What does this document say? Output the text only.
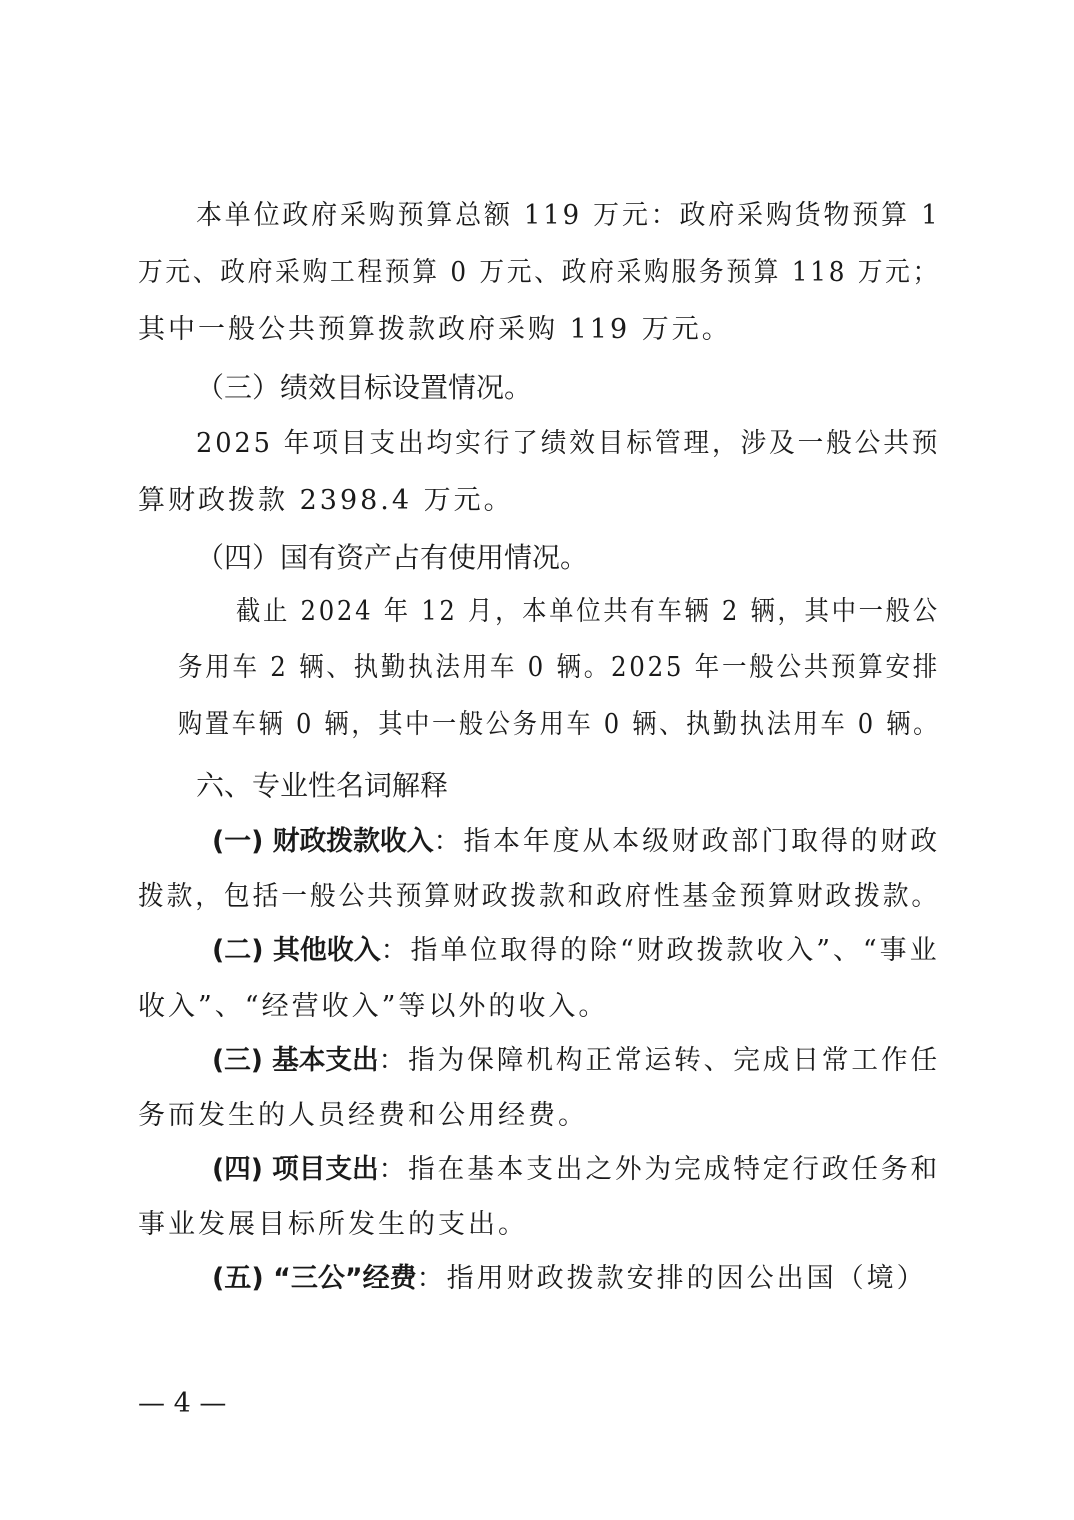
本单位政府采购预算总额 119 万元：政府采购货物预算 1
万元、政府采购工程预算 0 万元、政府采购服务预算 118 万元；
其中一般公共预算拨款政府采购 119 万元。
（三）绩效目标设置情况。
2025 年项目支出均实行了绩效目标管理，涉及一般公共预
算财政拨款 2398.4 万元。
（四）国有资产占有使用情况。
截止 2024 年 12 月，本单位共有车辆 2 辆，其中一般公
务用车 2 辆、执勤执法用车 0 辆。2025 年一般公共预算安排
购置车辆 0 辆，其中一般公务用车 0 辆、执勤执法用车 0 辆。
六、专业性名词解释
(一) 财政拨款收入：指本年度从本级财政部门取得的财政
拨款，包括一般公共预算财政拨款和政府性基金预算财政拨款。
(二) 其他收入：指单位取得的除“财政拨款收入”、“事业
收入”、“经营收入”等以外的收入。
(三) 基本支出：指为保障机构正常运转、完成日常工作任
务而发生的人员经费和公用经费。
(四) 项目支出：指在基本支出之外为完成特定行政任务和
事业发展目标所发生的支出。
(五) “三公”经费：指用财政拨款安排的因公出国（境）
— 4 —
